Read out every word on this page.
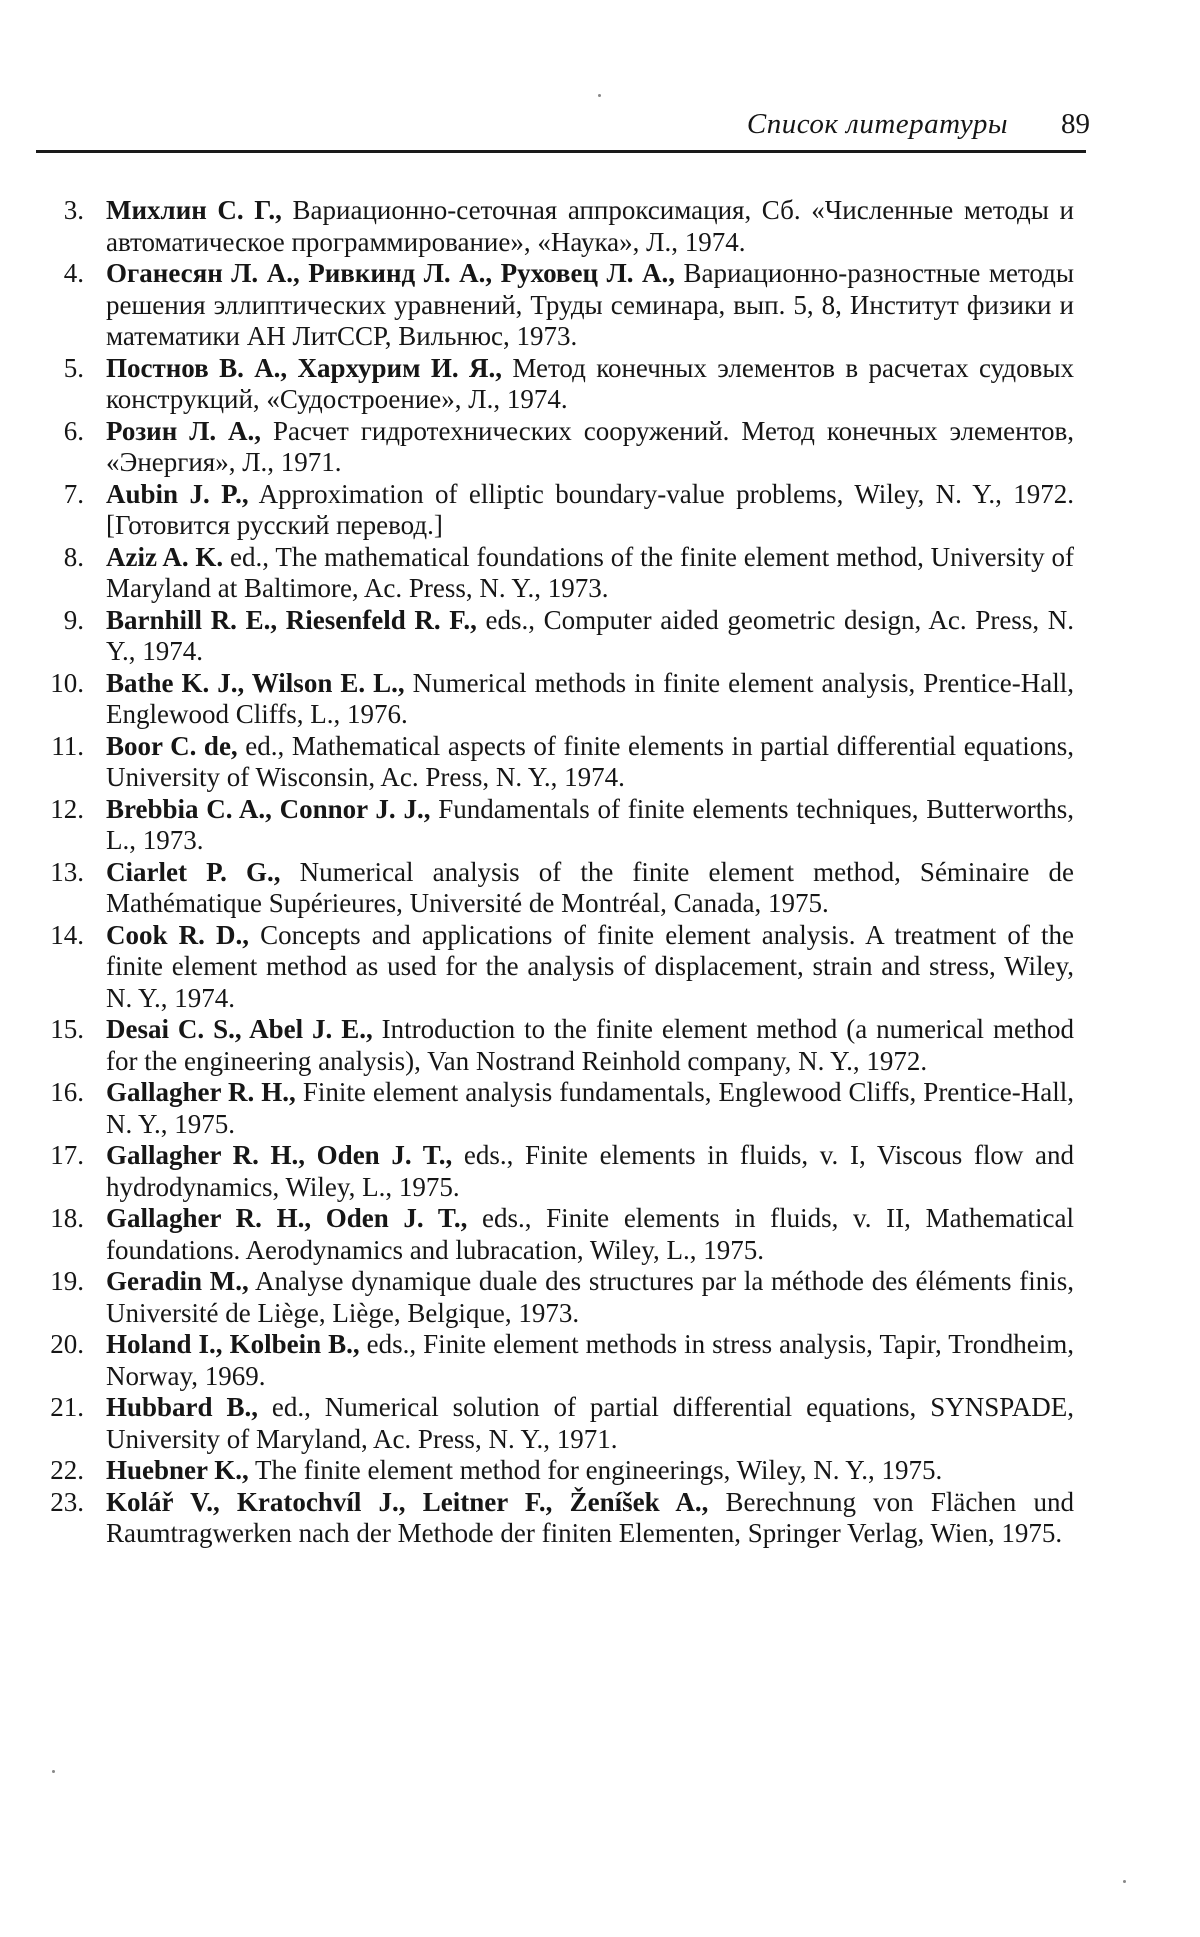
Список литературы 89
3. Михлин С. Г., Вариационно-сеточная аппроксимация, Сб. «Численные методы и автоматическое программирование», «Наука», Л., 1974.
4. Оганесян Л. А., Ривкинд Л. А., Руховец Л. А., Вариационно-разностные методы решения эллиптических уравнений, Труды семинара, вып. 5, 8, Институт физики и математики АН ЛитССР, Вильнюс, 1973.
5. Постнов В. А., Хархурим И. Я., Метод конечных элементов в расчетах судовых конструкций, «Судостроение», Л., 1974.
6. Розин Л. А., Расчет гидротехнических сооружений. Метод конечных элементов, «Энергия», Л., 1971.
7. Aubin J. P., Approximation of elliptic boundary-value problems, Wiley, N. Y., 1972. [Готовится русский перевод.]
8. Aziz A. K. ed., The mathematical foundations of the finite element method, University of Maryland at Baltimore, Ac. Press, N. Y., 1973.
9. Barnhill R. E., Riesenfeld R. F., eds., Computer aided geometric design, Ac. Press, N. Y., 1974.
10. Bathe K. J., Wilson E. L., Numerical methods in finite element analysis, Prentice-Hall, Englewood Cliffs, L., 1976.
11. Boor C. de, ed., Mathematical aspects of finite elements in partial differential equations, University of Wisconsin, Ac. Press, N. Y., 1974.
12. Brebbia C. A., Connor J. J., Fundamentals of finite elements techniques, Butterworths, L., 1973.
13. Ciarlet P. G., Numerical analysis of the finite element method, Séminaire de Mathématique Supérieures, Université de Montréal, Canada, 1975.
14. Cook R. D., Concepts and applications of finite element analysis. A treatment of the finite element method as used for the analysis of displacement, strain and stress, Wiley, N. Y., 1974.
15. Desai C. S., Abel J. E., Introduction to the finite element method (a numerical method for the engineering analysis), Van Nostrand Reinhold company, N. Y., 1972.
16. Gallagher R. H., Finite element analysis fundamentals, Englewood Cliffs, Prentice-Hall, N. Y., 1975.
17. Gallagher R. H., Oden J. T., eds., Finite elements in fluids, v. I, Viscous flow and hydrodynamics, Wiley, L., 1975.
18. Gallagher R. H., Oden J. T., eds., Finite elements in fluids, v. II, Mathematical foundations. Aerodynamics and lubracation, Wiley, L., 1975.
19. Geradin M., Analyse dynamique duale des structures par la méthode des éléments finis, Université de Liège, Liège, Belgique, 1973.
20. Holand I., Kolbein B., eds., Finite element methods in stress analysis, Tapir, Trondheim, Norway, 1969.
21. Hubbard B., ed., Numerical solution of partial differential equations, SYNSPADE, University of Maryland, Ac. Press, N. Y., 1971.
22. Huebner K., The finite element method for engineerings, Wiley, N. Y., 1975.
23. Kolář V., Kratochvíl J., Leitner F., Ženíšek A., Berechnung von Flächen und Raumtragwerken nach der Methode der finiten Elementen, Springer Verlag, Wien, 1975.
